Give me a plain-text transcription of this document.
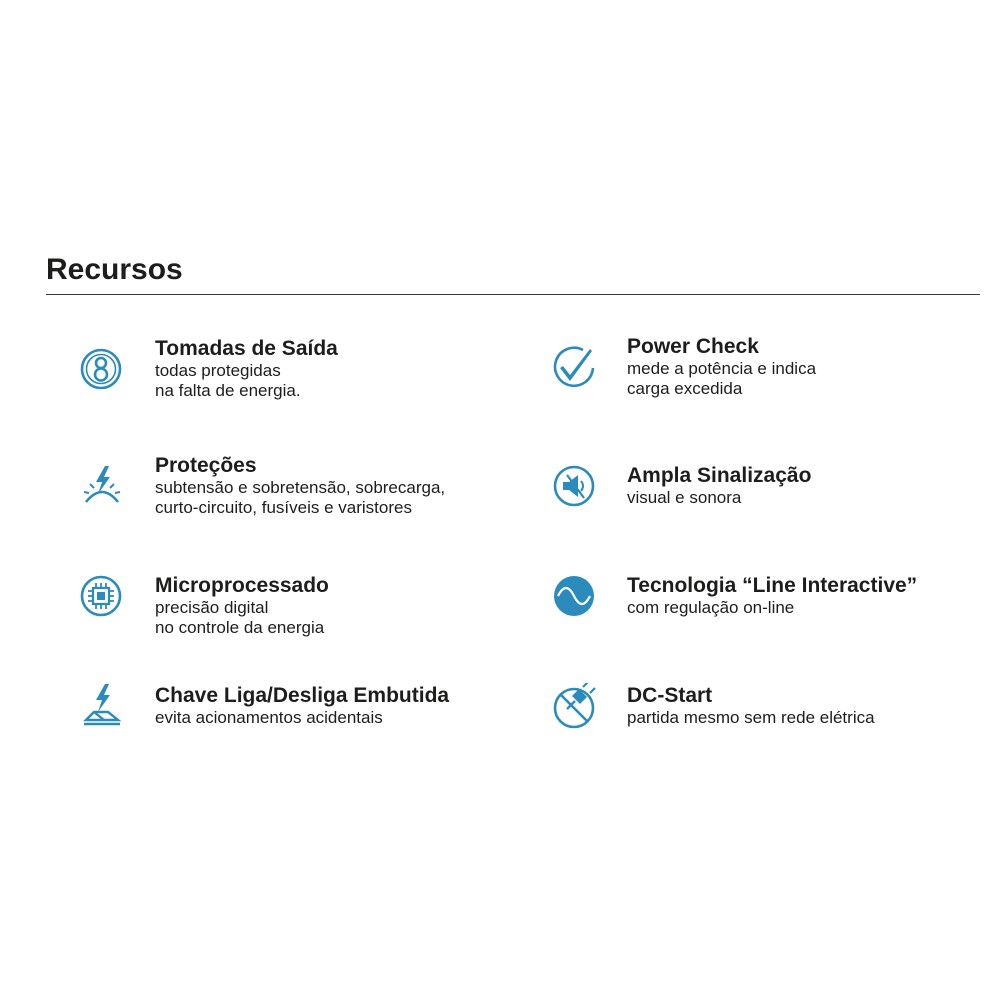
Recursos
Tomadas de Saída
todas protegidas
na falta de energia.
Power Check
mede a potência e indica
carga excedida
Proteções
subtensão e sobretensão, sobrecarga,
curto-circuito, fusíveis e varistores
Ampla Sinalização
visual e sonora
Microprocessado
precisão digital
no controle da energia
Tecnologia “Line Interactive”
com regulação on-line
Chave Liga/Desliga Embutida
evita acionamentos acidentais
DC-Start
partida mesmo sem rede elétrica
